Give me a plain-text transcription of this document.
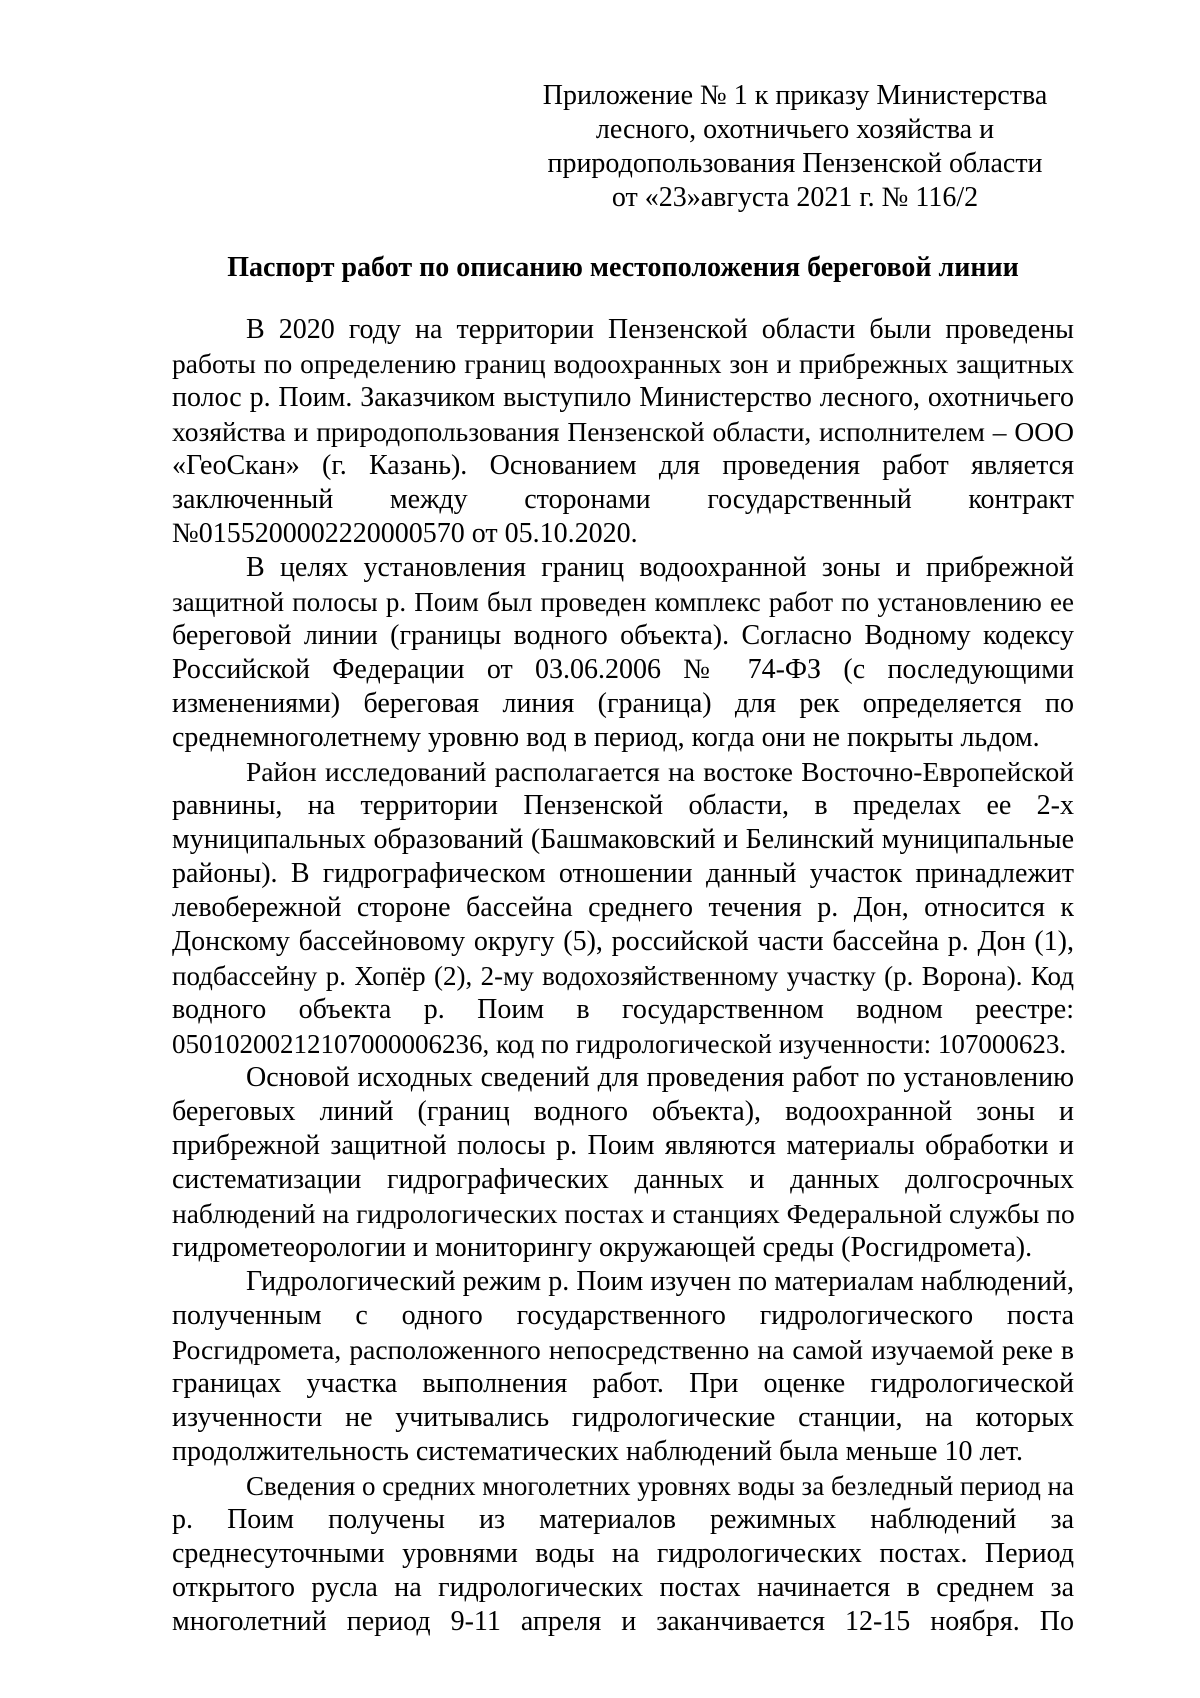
Приложение № 1 к приказу Министерства
лесного, охотничьего хозяйства и
природопользования Пензенской области
от «23»августа 2021 г. № 116/2
Паспорт работ по описанию местоположения береговой линии
В 2020 году на территории Пензенской области были проведены
работы по определению границ водоохранных зон и прибрежных защитных
полос р. Поим. Заказчиком выступило Министерство лесного, охотничьего
хозяйства и природопользования Пензенской области, исполнителем – ООО
«ГеоСкан» (г. Казань). Основанием для проведения работ является
заключенный между сторонами государственный контракт
№0155200002220000570 от 05.10.2020.
В целях установления границ водоохранной зоны и прибрежной
защитной полосы р. Поим был проведен комплекс работ по установлению ее
береговой линии (границы водного объекта). Согласно Водному кодексу
Российской Федерации от 03.06.2006 № 74-ФЗ (с последующими
изменениями) береговая линия (граница) для рек определяется по
среднемноголетнему уровню вод в период, когда они не покрыты льдом.
Район исследований располагается на востоке Восточно-Европейской
равнины, на территории Пензенской области, в пределах ее 2-х
муниципальных образований (Башмаковский и Белинский муниципальные
районы). В гидрографическом отношении данный участок принадлежит
левобережной стороне бассейна среднего течения р. Дон, относится к
Донскому бассейновому округу (5), российской части бассейна р. Дон (1),
подбассейну р. Хопёр (2), 2-му водохозяйственному участку (р. Ворона). Код
водного объекта р. Поим в государственном водном реестре:
05010200212107000006236, код по гидрологической изученности: 107000623.
Основой исходных сведений для проведения работ по установлению
береговых линий (границ водного объекта), водоохранной зоны и
прибрежной защитной полосы р. Поим являются материалы обработки и
систематизации гидрографических данных и данных долгосрочных
наблюдений на гидрологических постах и станциях Федеральной службы по
гидрометеорологии и мониторингу окружающей среды (Росгидромета).
Гидрологический режим р. Поим изучен по материалам наблюдений,
полученным с одного государственного гидрологического поста
Росгидромета, расположенного непосредственно на самой изучаемой реке в
границах участка выполнения работ. При оценке гидрологической
изученности не учитывались гидрологические станции, на которых
продолжительность систематических наблюдений была меньше 10 лет.
Сведения о средних многолетних уровнях воды за безледный период на
р. Поим получены из материалов режимных наблюдений за
среднесуточными уровнями воды на гидрологических постах. Период
открытого русла на гидрологических постах начинается в среднем за
многолетний период 9-11 апреля и заканчивается 12-15 ноября. По
